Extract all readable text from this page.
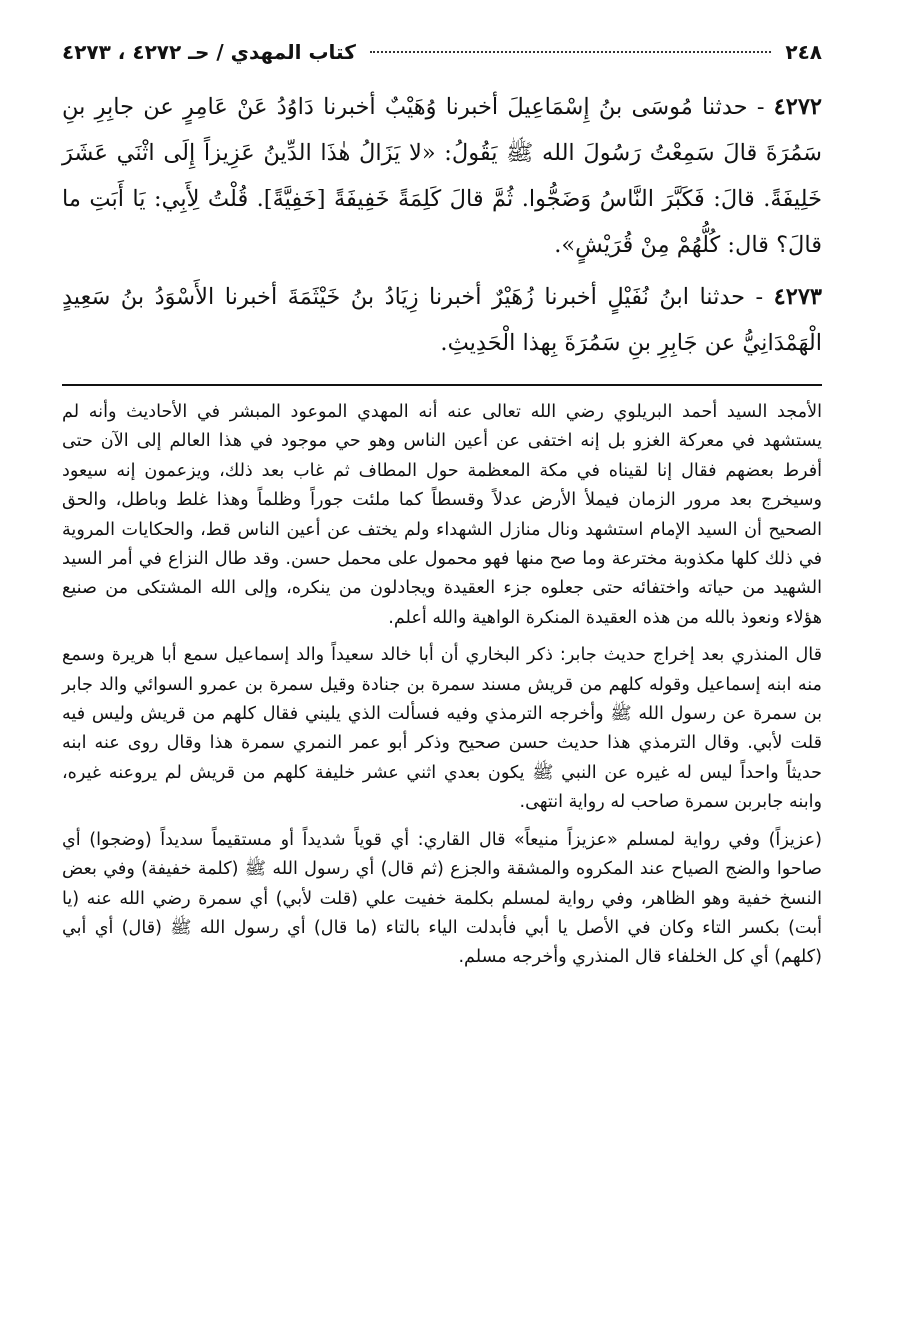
٢٤٨
كتاب المهدي / حـ ٤٢٧٢ ، ٤٢٧٣

٤٢٧٢ - حدثنا مُوسَى بنُ إِسْمَاعِيلَ أخبرنا وُهَيْبٌ أخبرنا دَاوُدُ عَنْ عَامِرٍ عن جابِرِ بنِ سَمُرَةَ قالَ سَمِعْتُ رَسُولَ الله ﷺ يَقُولُ: «لا يَزَالُ هٰذَا الدِّينُ عَزِيزاً إِلَى اثْنَي عَشَرَ خَلِيفَةً. قالَ: فَكَبَّرَ النَّاسُ وَضَجُّوا. ثُمَّ قالَ كَلِمَةً خَفِيفَةً [خَفِيَّةً]. قُلْتُ لِأَبِي: يَا أَبَتِ ما قالَ؟ قال: كُلُّهُمْ مِنْ قُرَيْشٍ».

٤٢٧٣ - حدثنا ابنُ نُفَيْلٍ أخبرنا زُهَيْرٌ أخبرنا زِيَادُ بنُ خَيْثَمَةَ أخبرنا الأَسْوَدُ بنُ سَعِيدٍ الْهَمْدَانِيُّ عن جَابِرِ بنِ سَمُرَةَ بِهذا الْحَدِيثِ.

الأمجد السيد أحمد البريلوي رضي الله تعالى عنه أنه المهدي الموعود المبشر في الأحاديث وأنه لم يستشهد في معركة الغزو بل إنه اختفى عن أعين الناس وهو حي موجود في هذا العالم إلى الآن حتى أفرط بعضهم فقال إنا لقيناه في مكة المعظمة حول المطاف ثم غاب بعد ذلك، ويزعمون إنه سيعود وسيخرج بعد مرور الزمان فيملأ الأرض عدلاً وقسطاً كما ملئت جوراً وظلماً وهذا غلط وباطل، والحق الصحيح أن السيد الإمام استشهد ونال منازل الشهداء ولم يختف عن أعين الناس قط، والحكايات المروية في ذلك كلها مكذوبة مخترعة وما صح منها فهو محمول على محمل حسن. وقد طال النزاع في أمر السيد الشهيد من حياته واختفائه حتى جعلوه جزء العقيدة ويجادلون من ينكره، وإلى الله المشتكى من صنيع هؤلاء ونعوذ بالله من هذه العقيدة المنكرة الواهية والله أعلم.

قال المنذري بعد إخراج حديث جابر: ذكر البخاري أن أبا خالد سعيداً والد إسماعيل سمع أبا هريرة وسمع منه ابنه إسماعيل وقوله كلهم من قريش مسند سمرة بن جنادة وقيل سمرة بن عمرو السوائي والد جابر بن سمرة عن رسول الله ﷺ وأخرجه الترمذي وفيه فسألت الذي يليني فقال كلهم من قريش وليس فيه قلت لأبي. وقال الترمذي هذا حديث حسن صحيح وذكر أبو عمر النمري سمرة هذا وقال روى عنه ابنه حديثاً واحداً ليس له غيره عن النبي ﷺ يكون بعدي اثني عشر خليفة كلهم من قريش لم يروعنه غيره، وابنه جابربن سمرة صاحب له رواية انتهى.

(عزيزاً) وفي رواية لمسلم «عزيزاً منيعاً» قال القاري: أي قوياً شديداً أو مستقيماً سديداً (وضجوا) أي صاحوا والضج الصياح عند المكروه والمشقة والجزع (ثم قال) أي رسول الله ﷺ (كلمة خفيفة) وفي بعض النسخ خفية وهو الظاهر، وفي رواية لمسلم بكلمة خفيت علي (قلت لأبي) أي سمرة رضي الله عنه (يا أبت) بكسر التاء وكان في الأصل يا أبي فأبدلت الياء بالتاء (ما قال) أي رسول الله ﷺ (قال) أي أبي (كلهم) أي كل الخلفاء قال المنذري وأخرجه مسلم.
